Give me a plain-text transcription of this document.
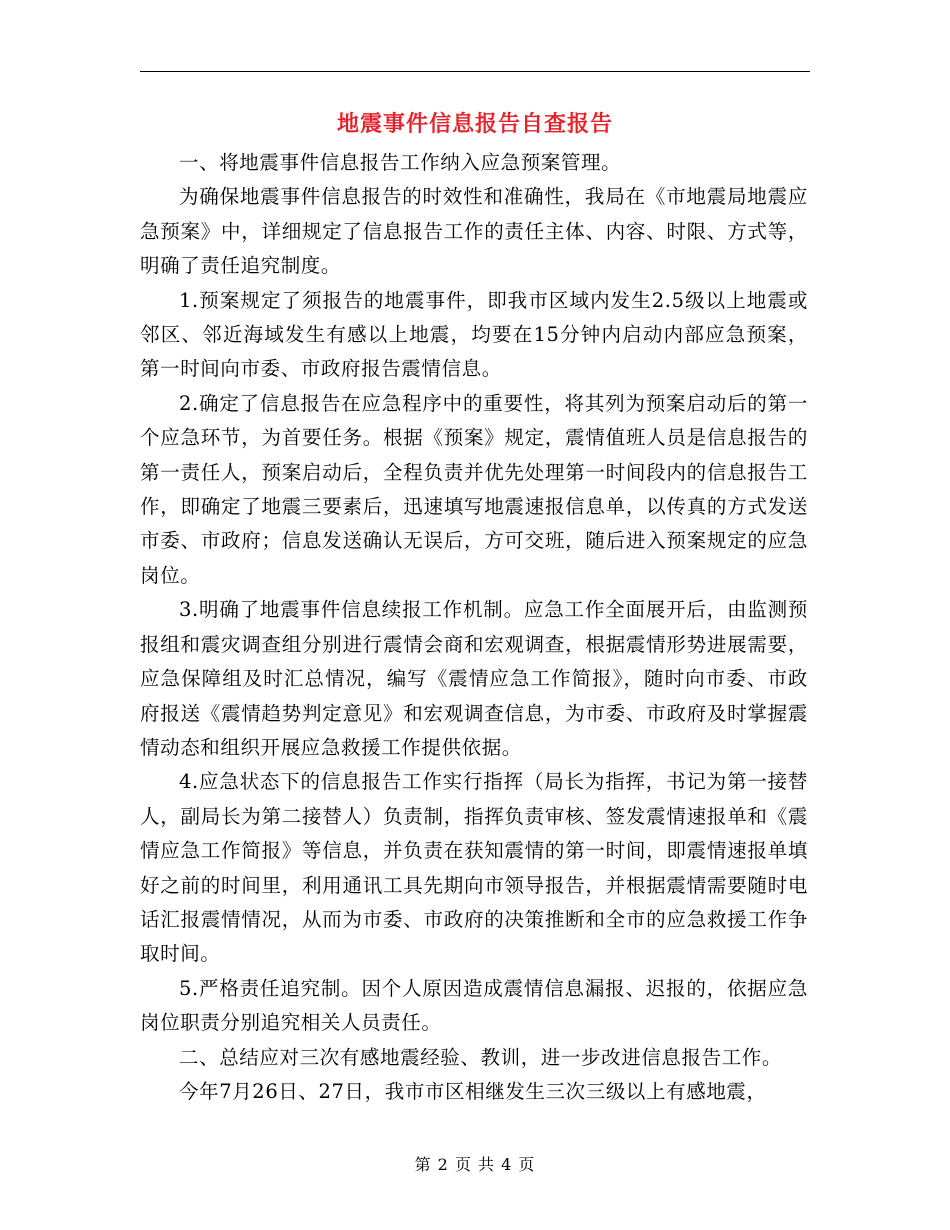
地震事件信息报告自查报告

一、将地震事件信息报告工作纳入应急预案管理。

为确保地震事件信息报告的时效性和准确性，我局在《市地震局地震应急预案》中，详细规定了信息报告工作的责任主体、内容、时限、方式等，明确了责任追究制度。

1.预案规定了须报告的地震事件，即我市区域内发生2.5级以上地震或邻区、邻近海域发生有感以上地震，均要在15分钟内启动内部应急预案，第一时间向市委、市政府报告震情信息。

2.确定了信息报告在应急程序中的重要性，将其列为预案启动后的第一个应急环节，为首要任务。根据《预案》规定，震情值班人员是信息报告的第一责任人，预案启动后，全程负责并优先处理第一时间段内的信息报告工作，即确定了地震三要素后，迅速填写地震速报信息单，以传真的方式发送市委、市政府；信息发送确认无误后，方可交班，随后进入预案规定的应急岗位。

3.明确了地震事件信息续报工作机制。应急工作全面展开后，由监测预报组和震灾调查组分别进行震情会商和宏观调查，根据震情形势进展需要，应急保障组及时汇总情况，编写《震情应急工作简报》，随时向市委、市政府报送《震情趋势判定意见》和宏观调查信息，为市委、市政府及时掌握震情动态和组织开展应急救援工作提供依据。

4.应急状态下的信息报告工作实行指挥（局长为指挥，书记为第一接替人，副局长为第二接替人）负责制，指挥负责审核、签发震情速报单和《震情应急工作简报》等信息，并负责在获知震情的第一时间，即震情速报单填好之前的时间里，利用通讯工具先期向市领导报告，并根据震情需要随时电话汇报震情情况，从而为市委、市政府的决策推断和全市的应急救援工作争取时间。

5.严格责任追究制。因个人原因造成震情信息漏报、迟报的，依据应急岗位职责分别追究相关人员责任。

二、总结应对三次有感地震经验、教训，进一步改进信息报告工作。

今年7月26日、27日，我市市区相继发生三次三级以上有感地震，

第 2 页 共 4 页
